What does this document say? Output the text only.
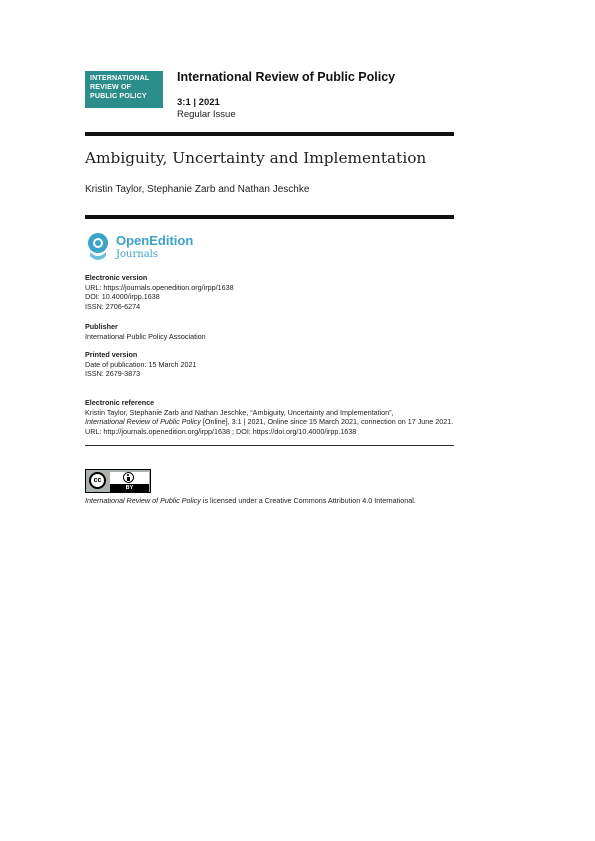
INTERNATIONAL
REVIEW OF
PUBLIC POLICY
International Review of Public Policy
3:1 | 2021
Regular Issue
Ambiguity, Uncertainty and Implementation
Kristin Taylor, Stephanie Zarb and Nathan Jeschke
OpenEdition
Journals
Electronic version
URL: https://journals.openedition.org/irpp/1638
DOI: 10.4000/irpp.1638
ISSN: 2706-6274
Publisher
International Public Policy Association
Printed version
Date of publication: 15 March 2021
ISSN: 2679-3873
Electronic reference
Kristin Taylor, Stephanie Zarb and Nathan Jeschke, “Ambiguity, Uncertainty and Implementation”,
International Review of Public Policy [Online], 3:1 | 2021, Online since 15 March 2021, connection on 17 June 2021. URL: http://journals.openedition.org/irpp/1638 ; DOI: https://doi.org/10.4000/irpp.1638
cc
BY
International Review of Public Policy is licensed under a Creative Commons Attribution 4.0 International.
